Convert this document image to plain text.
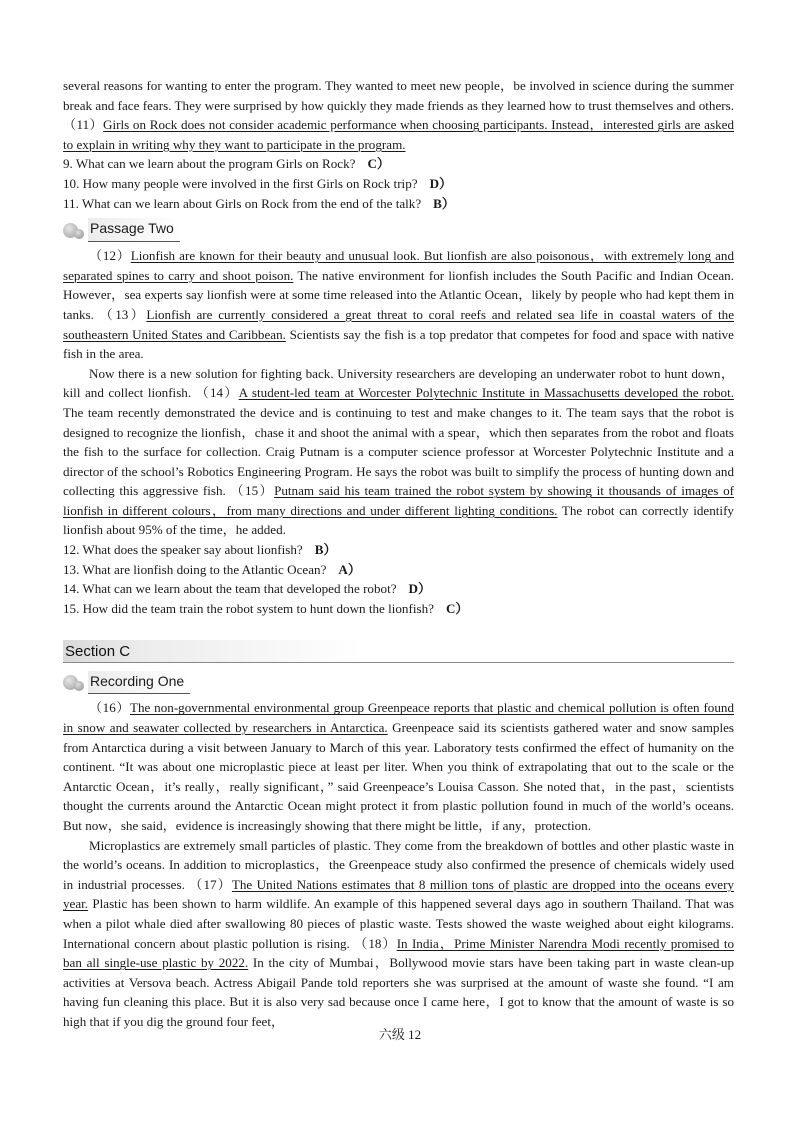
several reasons for wanting to enter the program. They wanted to meet new people，be involved in science during the summer break and face fears. They were surprised by how quickly they made friends as they learned how to trust themselves and others. （11）Girls on Rock does not consider academic performance when choosing participants. Instead，interested girls are asked to explain in writing why they want to participate in the program.

9. What can we learn about the program Girls on Rock? C）

10. How many people were involved in the first Girls on Rock trip? D）

11. What can we learn about Girls on Rock from the end of the talk? B）

Passage Two

（12）Lionfish are known for their beauty and unusual look. But lionfish are also poisonous，with extremely long and separated spines to carry and shoot poison. The native environment for lionfish includes the South Pacific and Indian Ocean. However，sea experts say lionfish were at some time released into the Atlantic Ocean，likely by people who had kept them in tanks. （13）Lionfish are currently considered a great threat to coral reefs and related sea life in coastal waters of the southeastern United States and Caribbean. Scientists say the fish is a top predator that competes for food and space with native fish in the area.

Now there is a new solution for fighting back. University researchers are developing an underwater robot to hunt down，kill and collect lionfish. （14）A student-led team at Worcester Polytechnic Institute in Massachusetts developed the robot. The team recently demonstrated the device and is continuing to test and make changes to it. The team says that the robot is designed to recognize the lionfish，chase it and shoot the animal with a spear，which then separates from the robot and floats the fish to the surface for collection. Craig Putnam is a computer science professor at Worcester Polytechnic Institute and a director of the school’s Robotics Engineering Program. He says the robot was built to simplify the process of hunting down and collecting this aggressive fish. （15）Putnam said his team trained the robot system by showing it thousands of images of lionfish in different colours，from many directions and under different lighting conditions. The robot can correctly identify lionfish about 95% of the time，he added.

12. What does the speaker say about lionfish? B）

13. What are lionfish doing to the Atlantic Ocean? A）

14. What can we learn about the team that developed the robot? D）

15. How did the team train the robot system to hunt down the lionfish? C）

Section C
Recording One

（16）The non-governmental environmental group Greenpeace reports that plastic and chemical pollution is often found in snow and seawater collected by researchers in Antarctica. Greenpeace said its scientists gathered water and snow samples from Antarctica during a visit between January to March of this year. Laboratory tests confirmed the effect of humanity on the continent. “It was about one microplastic piece at least per liter. When you think of extrapolating that out to the scale or the Antarctic Ocean，it’s really，really significant，” said Greenpeace’s Louisa Casson. She noted that，in the past，scientists thought the currents around the Antarctic Ocean might protect it from plastic pollution found in much of the world’s oceans. But now，she said，evidence is increasingly showing that there might be little，if any，protection.

Microplastics are extremely small particles of plastic. They come from the breakdown of bottles and other plastic waste in the world’s oceans. In addition to microplastics，the Greenpeace study also confirmed the presence of chemicals widely used in industrial processes. （17）The United Nations estimates that 8 million tons of plastic are dropped into the oceans every year. Plastic has been shown to harm wildlife. An example of this happened several days ago in southern Thailand. That was when a pilot whale died after swallowing 80 pieces of plastic waste. Tests showed the waste weighed about eight kilograms. International concern about plastic pollution is rising. （18）In India，Prime Minister Narendra Modi recently promised to ban all single-use plastic by 2022. In the city of Mumbai，Bollywood movie stars have been taking part in waste clean-up activities at Versova beach. Actress Abigail Pande told reporters she was surprised at the amount of waste she found. “I am having fun cleaning this place. But it is also very sad because once I came here，I got to know that the amount of waste is so high that if you dig the ground four feet，

六级 12
